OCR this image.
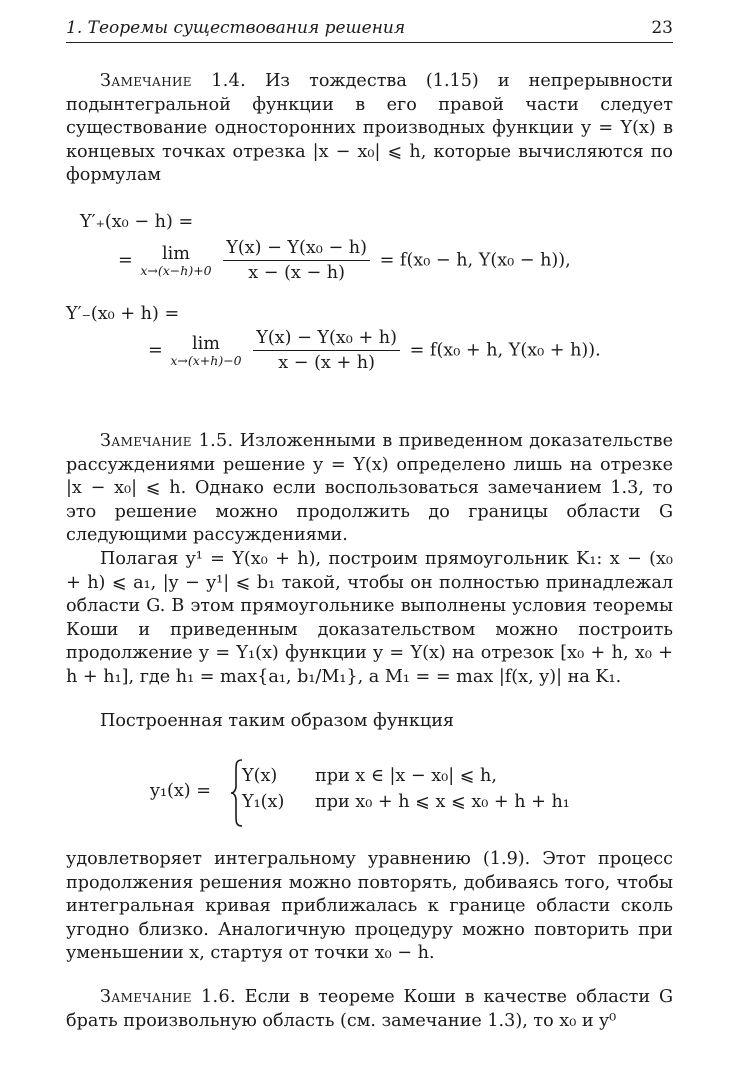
1. Теоремы существования решения	23

Замечание 1.4. Из тождества (1.15) и непрерывности подынтегральной функции в его правой части следует существование односторонних производных функции y = Y(x) в концевых точках отрезка |x − x₀| ⩽ h, которые вычисляются по формулам

Y′₊(x₀ − h) =
=	lim
x→(x−h)+0
$\frac{\text{Y(x) − Y(x₀ − h)}}{x - (x - h)} = f(x_0 - h$, Y(x₀ − h)),
Y′₋(x₀ + h) =
=	lim
x→(x+h)−0
$\frac{\text{Y(x) − Y(x₀ + h)}}{x - (x + h)} = f(x_0 + h$, Y(x₀ + h)).

Замечание 1.5. Изложенными в приведенном доказательстве рассуждениями решение y = Y(x) определено лишь на отрезке |x − x₀| ⩽ h. Однако если воспользоваться замечанием 1.3, то это решение можно продолжить до границы области G следующими рассуждениями.

Полагая y¹ = Y(x₀ + h), построим прямоугольник K₁: x − (x₀ + h) ⩽ a₁, |y − y¹| ⩽ b₁ такой, чтобы он полностью принадлежал области G. В этом прямоугольнике выполнены условия теоремы Коши и приведенным доказательством можно построить продолжение y = Y₁(x) функции y = Y(x) на отрезок [x₀ + h, x₀ + h + h₁], где h₁ = max{a₁, b₁/M₁}, а M₁ = = max |f(x, y)| на K₁.

Построенная таким образом функция

y₁(x) =
Y(x) при x ∈ |x − x₀| ⩽ h,
Y₁(x) при x₀ + h ⩽ x ⩽ x₀ + h + h₁

удовлетворяет интегральному уравнению (1.9). Этот процесс продолжения решения можно повторять, добиваясь того, чтобы интегральная кривая приближалась к границе области сколь угодно близко. Аналогичную процедуру можно повторить при уменьшении x, стартуя от точки x₀ − h.

Замечание 1.6. Если в теореме Коши в качестве области G брать произвольную область (см. замечание 1.3), то x₀ и y⁰
